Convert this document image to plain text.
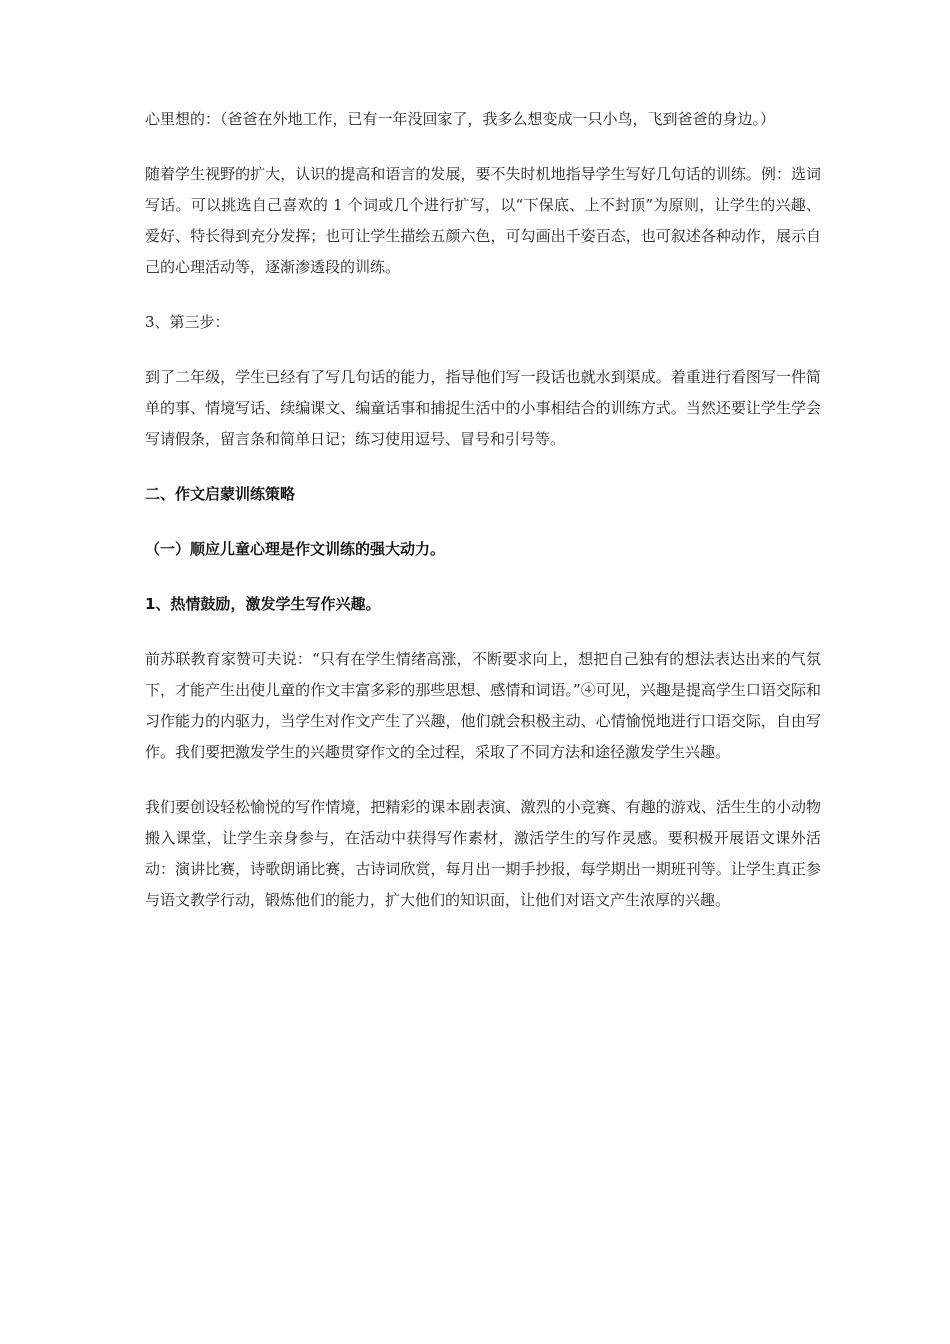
心里想的：（爸爸在外地工作，已有一年没回家了，我多么想变成一只小鸟，飞到爸爸的身边。）

随着学生视野的扩大，认识的提高和语言的发展，要不失时机地指导学生写好几句话的训练。例：选词写话。可以挑选自己喜欢的 1 个词或几个进行扩写，以“下保底、上不封顶”为原则，让学生的兴趣、爱好、特长得到充分发挥；也可让学生描绘五颜六色，可勾画出千姿百态，也可叙述各种动作，展示自己的心理活动等，逐渐渗透段的训练。

3、第三步：

到了二年级，学生已经有了写几句话的能力，指导他们写一段话也就水到渠成。着重进行看图写一件简单的事、情境写话、续编课文、编童话事和捕捉生活中的小事相结合的训练方式。当然还要让学生学会写请假条，留言条和简单日记；练习使用逗号、冒号和引号等。

二、作文启蒙训练策略

（一）顺应儿童心理是作文训练的强大动力。

1、热情鼓励，激发学生写作兴趣。

前苏联教育家赞可夫说：“只有在学生情绪高涨，不断要求向上，想把自己独有的想法表达出来的气氛下，才能产生出使儿童的作文丰富多彩的那些思想、感情和词语。”④可见，兴趣是提高学生口语交际和习作能力的内驱力，当学生对作文产生了兴趣，他们就会积极主动、心情愉悦地进行口语交际，自由写作。我们要把激发学生的兴趣贯穿作文的全过程，采取了不同方法和途径激发学生兴趣。

我们要创设轻松愉悦的写作情境，把精彩的课本剧表演、激烈的小竞赛、有趣的游戏、活生生的小动物搬入课堂，让学生亲身参与，在活动中获得写作素材，激活学生的写作灵感。要积极开展语文课外活动：演讲比赛，诗歌朗诵比赛，古诗词欣赏，每月出一期手抄报，每学期出一期班刊等。让学生真正参与语文教学行动，锻炼他们的能力，扩大他们的知识面，让他们对语文产生浓厚的兴趣。
